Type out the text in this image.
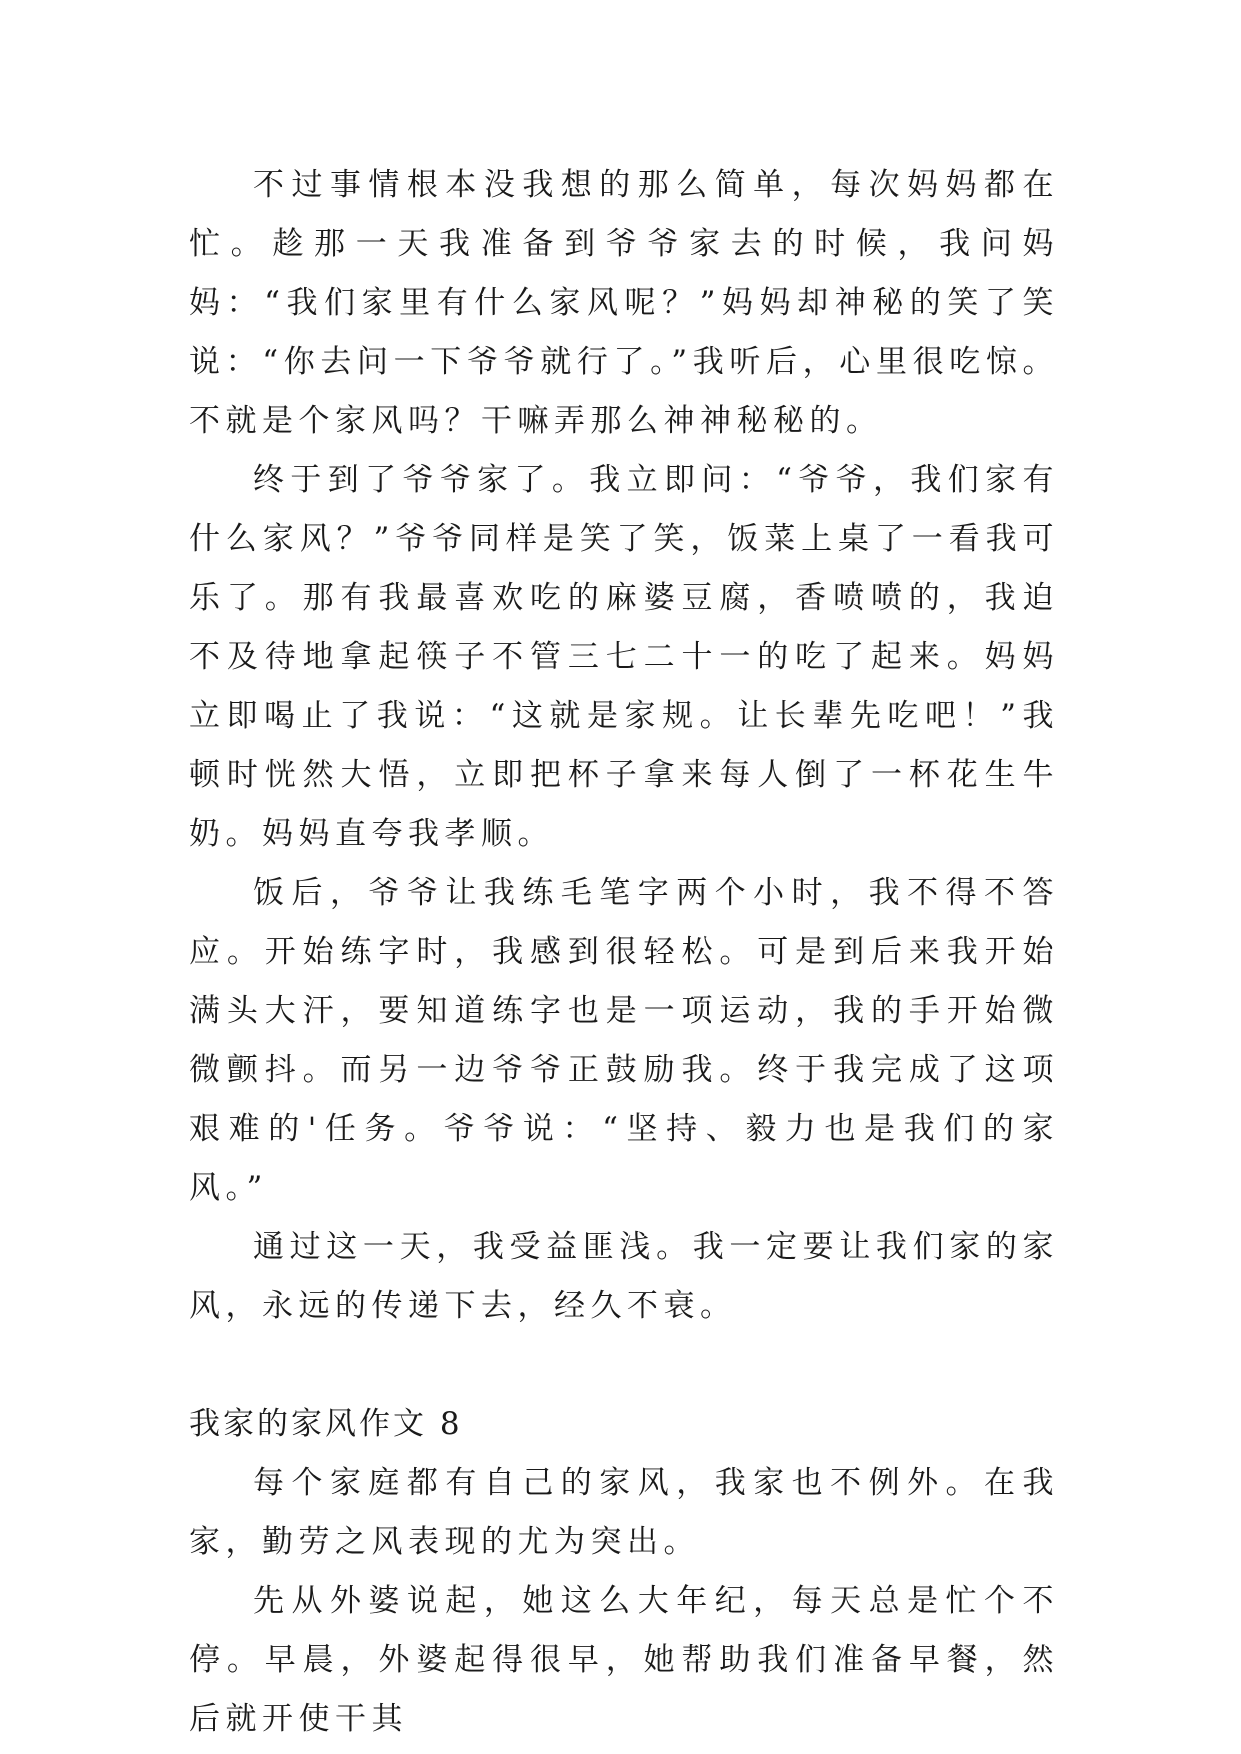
不过事情根本没我想的那么简单，每次妈妈都在忙。趁那一天我准备到爷爷家去的时候，我问妈妈：“我们家里有什么家风呢？”妈妈却神秘的笑了笑说：“你去问一下爷爷就行了。”我听后，心里很吃惊。不就是个家风吗？干嘛弄那么神神秘秘的。

终于到了爷爷家了。我立即问：“爷爷，我们家有什么家风？”爷爷同样是笑了笑，饭菜上桌了一看我可乐了。那有我最喜欢吃的麻婆豆腐，香喷喷的，我迫不及待地拿起筷子不管三七二十一的吃了起来。妈妈立即喝止了我说：“这就是家规。让长辈先吃吧！”我顿时恍然大悟，立即把杯子拿来每人倒了一杯花生牛奶。妈妈直夸我孝顺。

饭后，爷爷让我练毛笔字两个小时，我不得不答应。开始练字时，我感到很轻松。可是到后来我开始满头大汗，要知道练字也是一项运动，我的手开始微微颤抖。而另一边爷爷正鼓励我。终于我完成了这项艰难的'任务。爷爷说：“坚持、毅力也是我们的家风。”

通过这一天，我受益匪浅。我一定要让我们家的家风，永远的传递下去，经久不衰。

我家的家风作文 8

每个家庭都有自己的家风，我家也不例外。在我家，勤劳之风表现的尤为突出。

先从外婆说起，她这么大年纪，每天总是忙个不停。早晨，外婆起得很早，她帮助我们准备早餐，然后就开使干其
